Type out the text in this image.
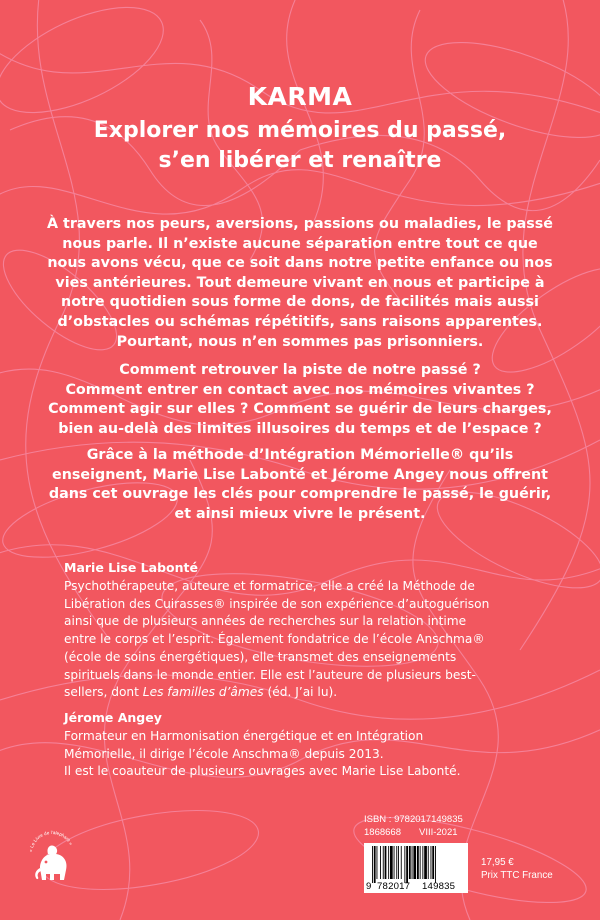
KARMA
Explorer nos mémoires du passé,
s’en libérer et renaître
À travers nos peurs, aversions, passions ou maladies, le passé
nous parle. Il n’existe aucune séparation entre tout ce que
nous avons vécu, que ce soit dans notre petite enfance ou nos
vies antérieures. Tout demeure vivant en nous et participe à
notre quotidien sous forme de dons, de facilités mais aussi
d’obstacles ou schémas répétitifs, sans raisons apparentes.
Pourtant, nous n’en sommes pas prisonniers.
Comment retrouver la piste de notre passé ?
Comment entrer en contact avec nos mémoires vivantes ?
Comment agir sur elles ? Comment se guérir de leurs charges,
bien au-delà des limites illusoires du temps et de l’espace ?
Grâce à la méthode d’Intégration Mémorielle® qu’ils
enseignent, Marie Lise Labonté et Jérome Angey nous offrent
dans cet ouvrage les clés pour comprendre le passé, le guérir,
et ainsi mieux vivre le présent.
Marie Lise Labonté
Psychothérapeute, auteure et formatrice, elle a créé la Méthode de
Libération des Cuirasses® inspirée de son expérience d’autoguérison
ainsi que de plusieurs années de recherches sur la relation intime
entre le corps et l’esprit. Également fondatrice de l’école Anschma®
(école de soins énergétiques), elle transmet des enseignements
spirituels dans le monde entier. Elle est l’auteure de plusieurs best-
sellers, dont Les familles d’âmes (éd. J’ai lu).
Jérome Angey
Formateur en Harmonisation énergétique et en Intégration
Mémorielle, il dirige l’école Anschma® depuis 2013.
Il est le coauteur de plusieurs ouvrages avec Marie Lise Labonté.
« Le Livre de l’alephant »
ISBN : 9782017149835
1868668 VIII-2021
9 782017 149835
17,95 €
Prix TTC France
